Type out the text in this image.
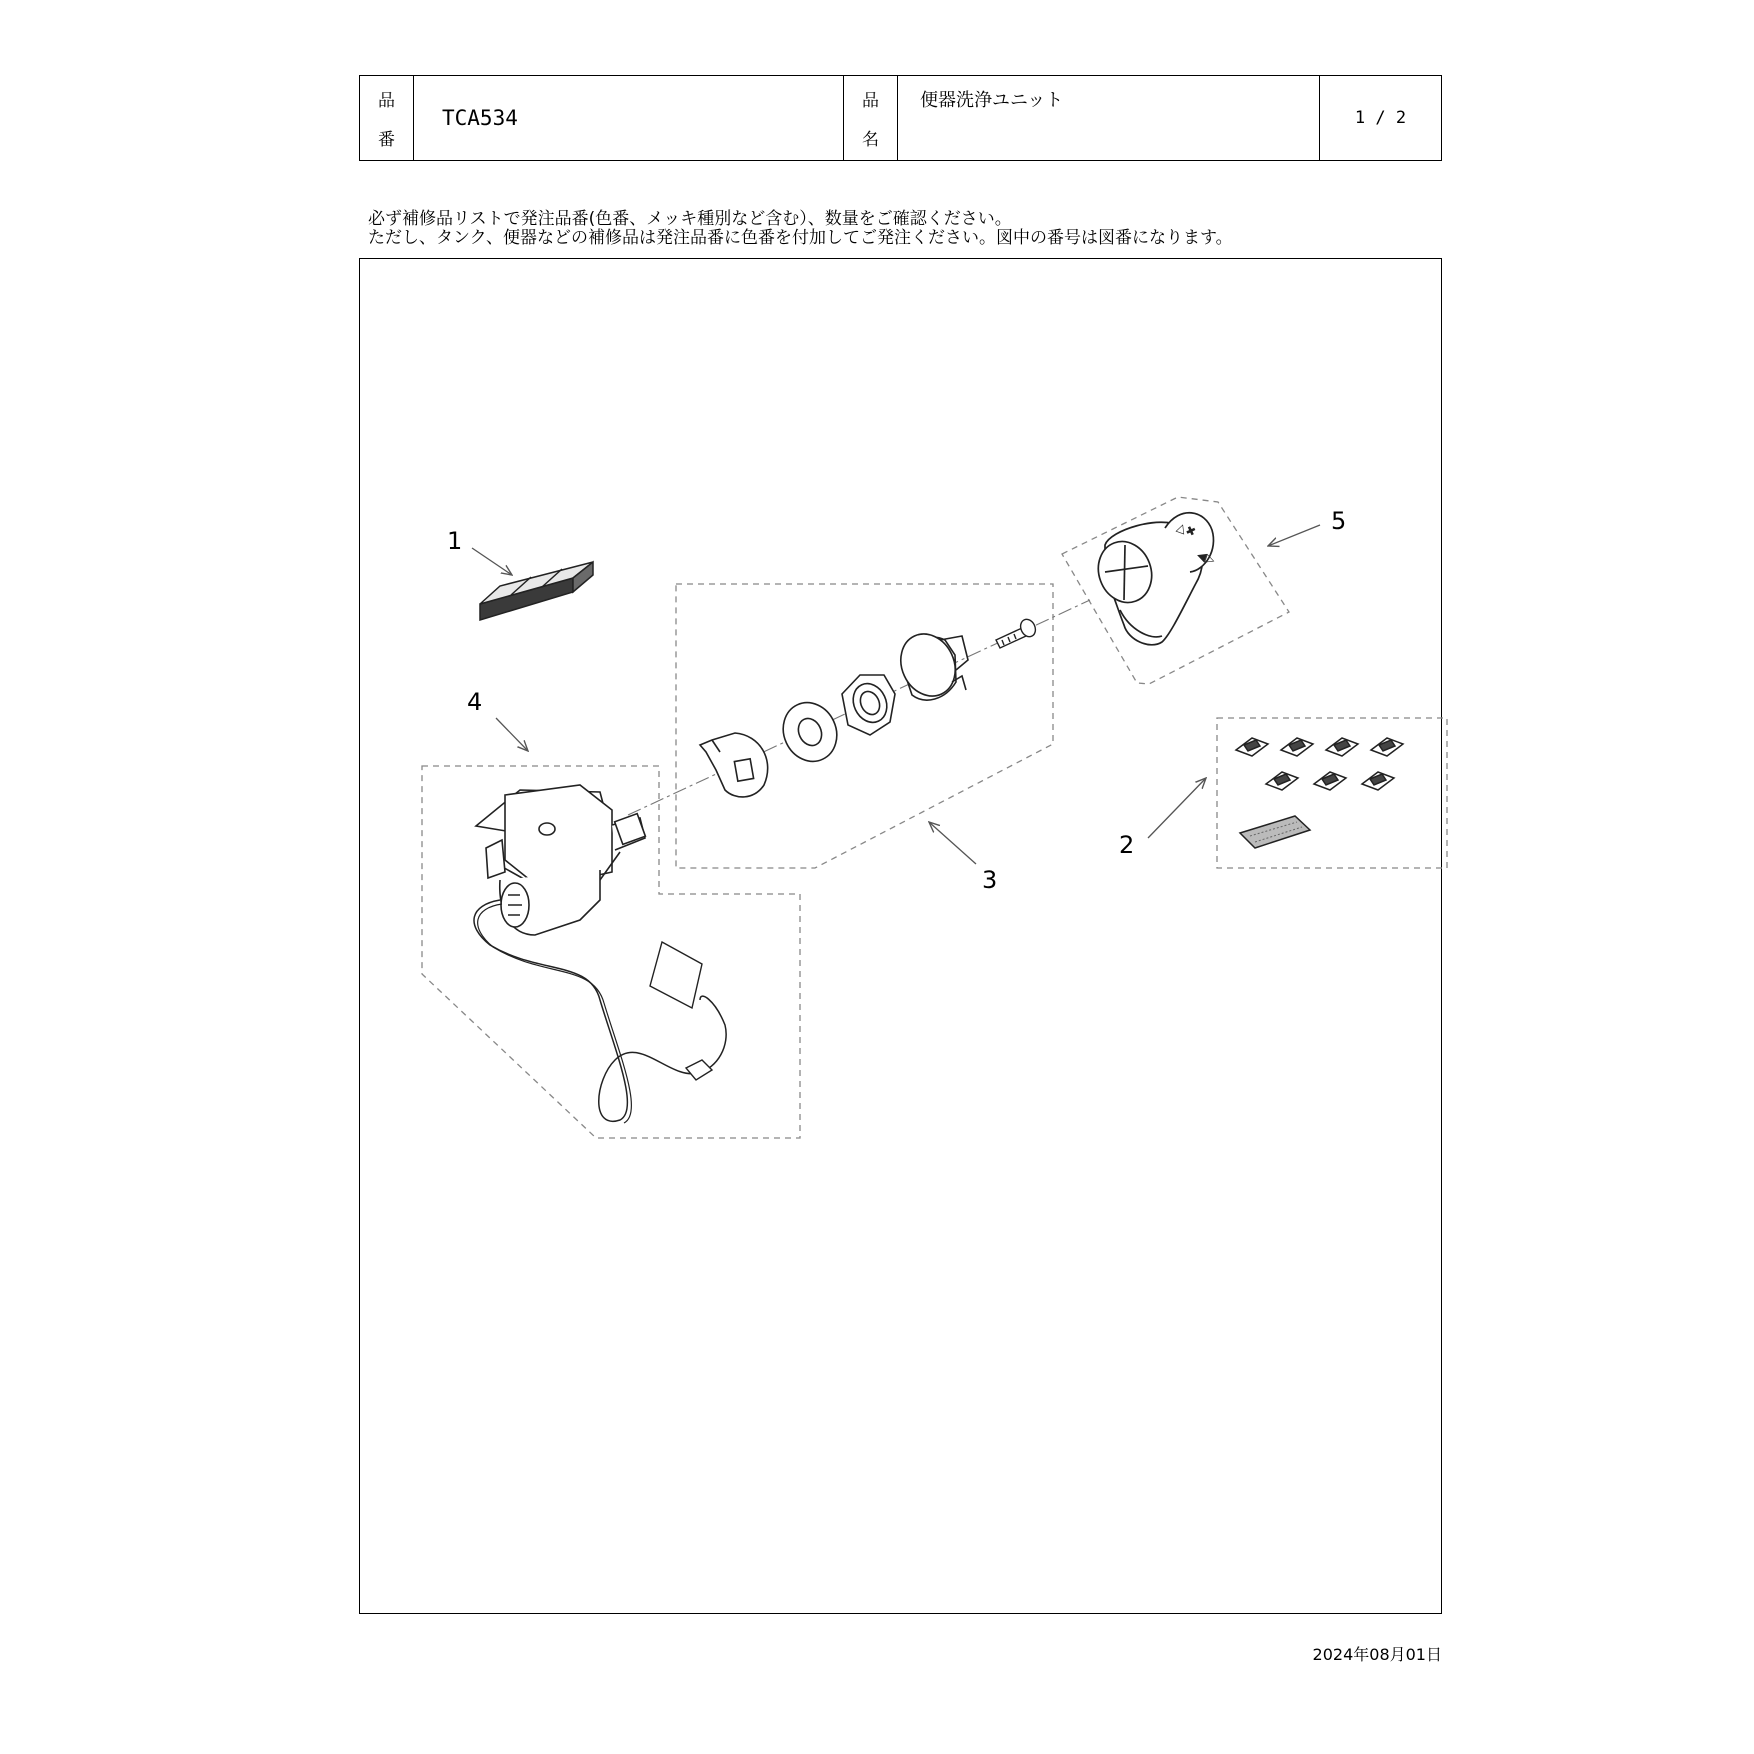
品
番
TCA534
品
名
便器洗浄ユニット
1 / 2
必ず補修品リストで発注品番(色番、メッキ種別など含む）、数量をご確認ください。
ただし、タンク、便器などの補修品は発注品番に色番を付加してご発注ください。図中の番号は図番になります。
△✖
◀▷
1
2
3
4
5
2024年08月01日
